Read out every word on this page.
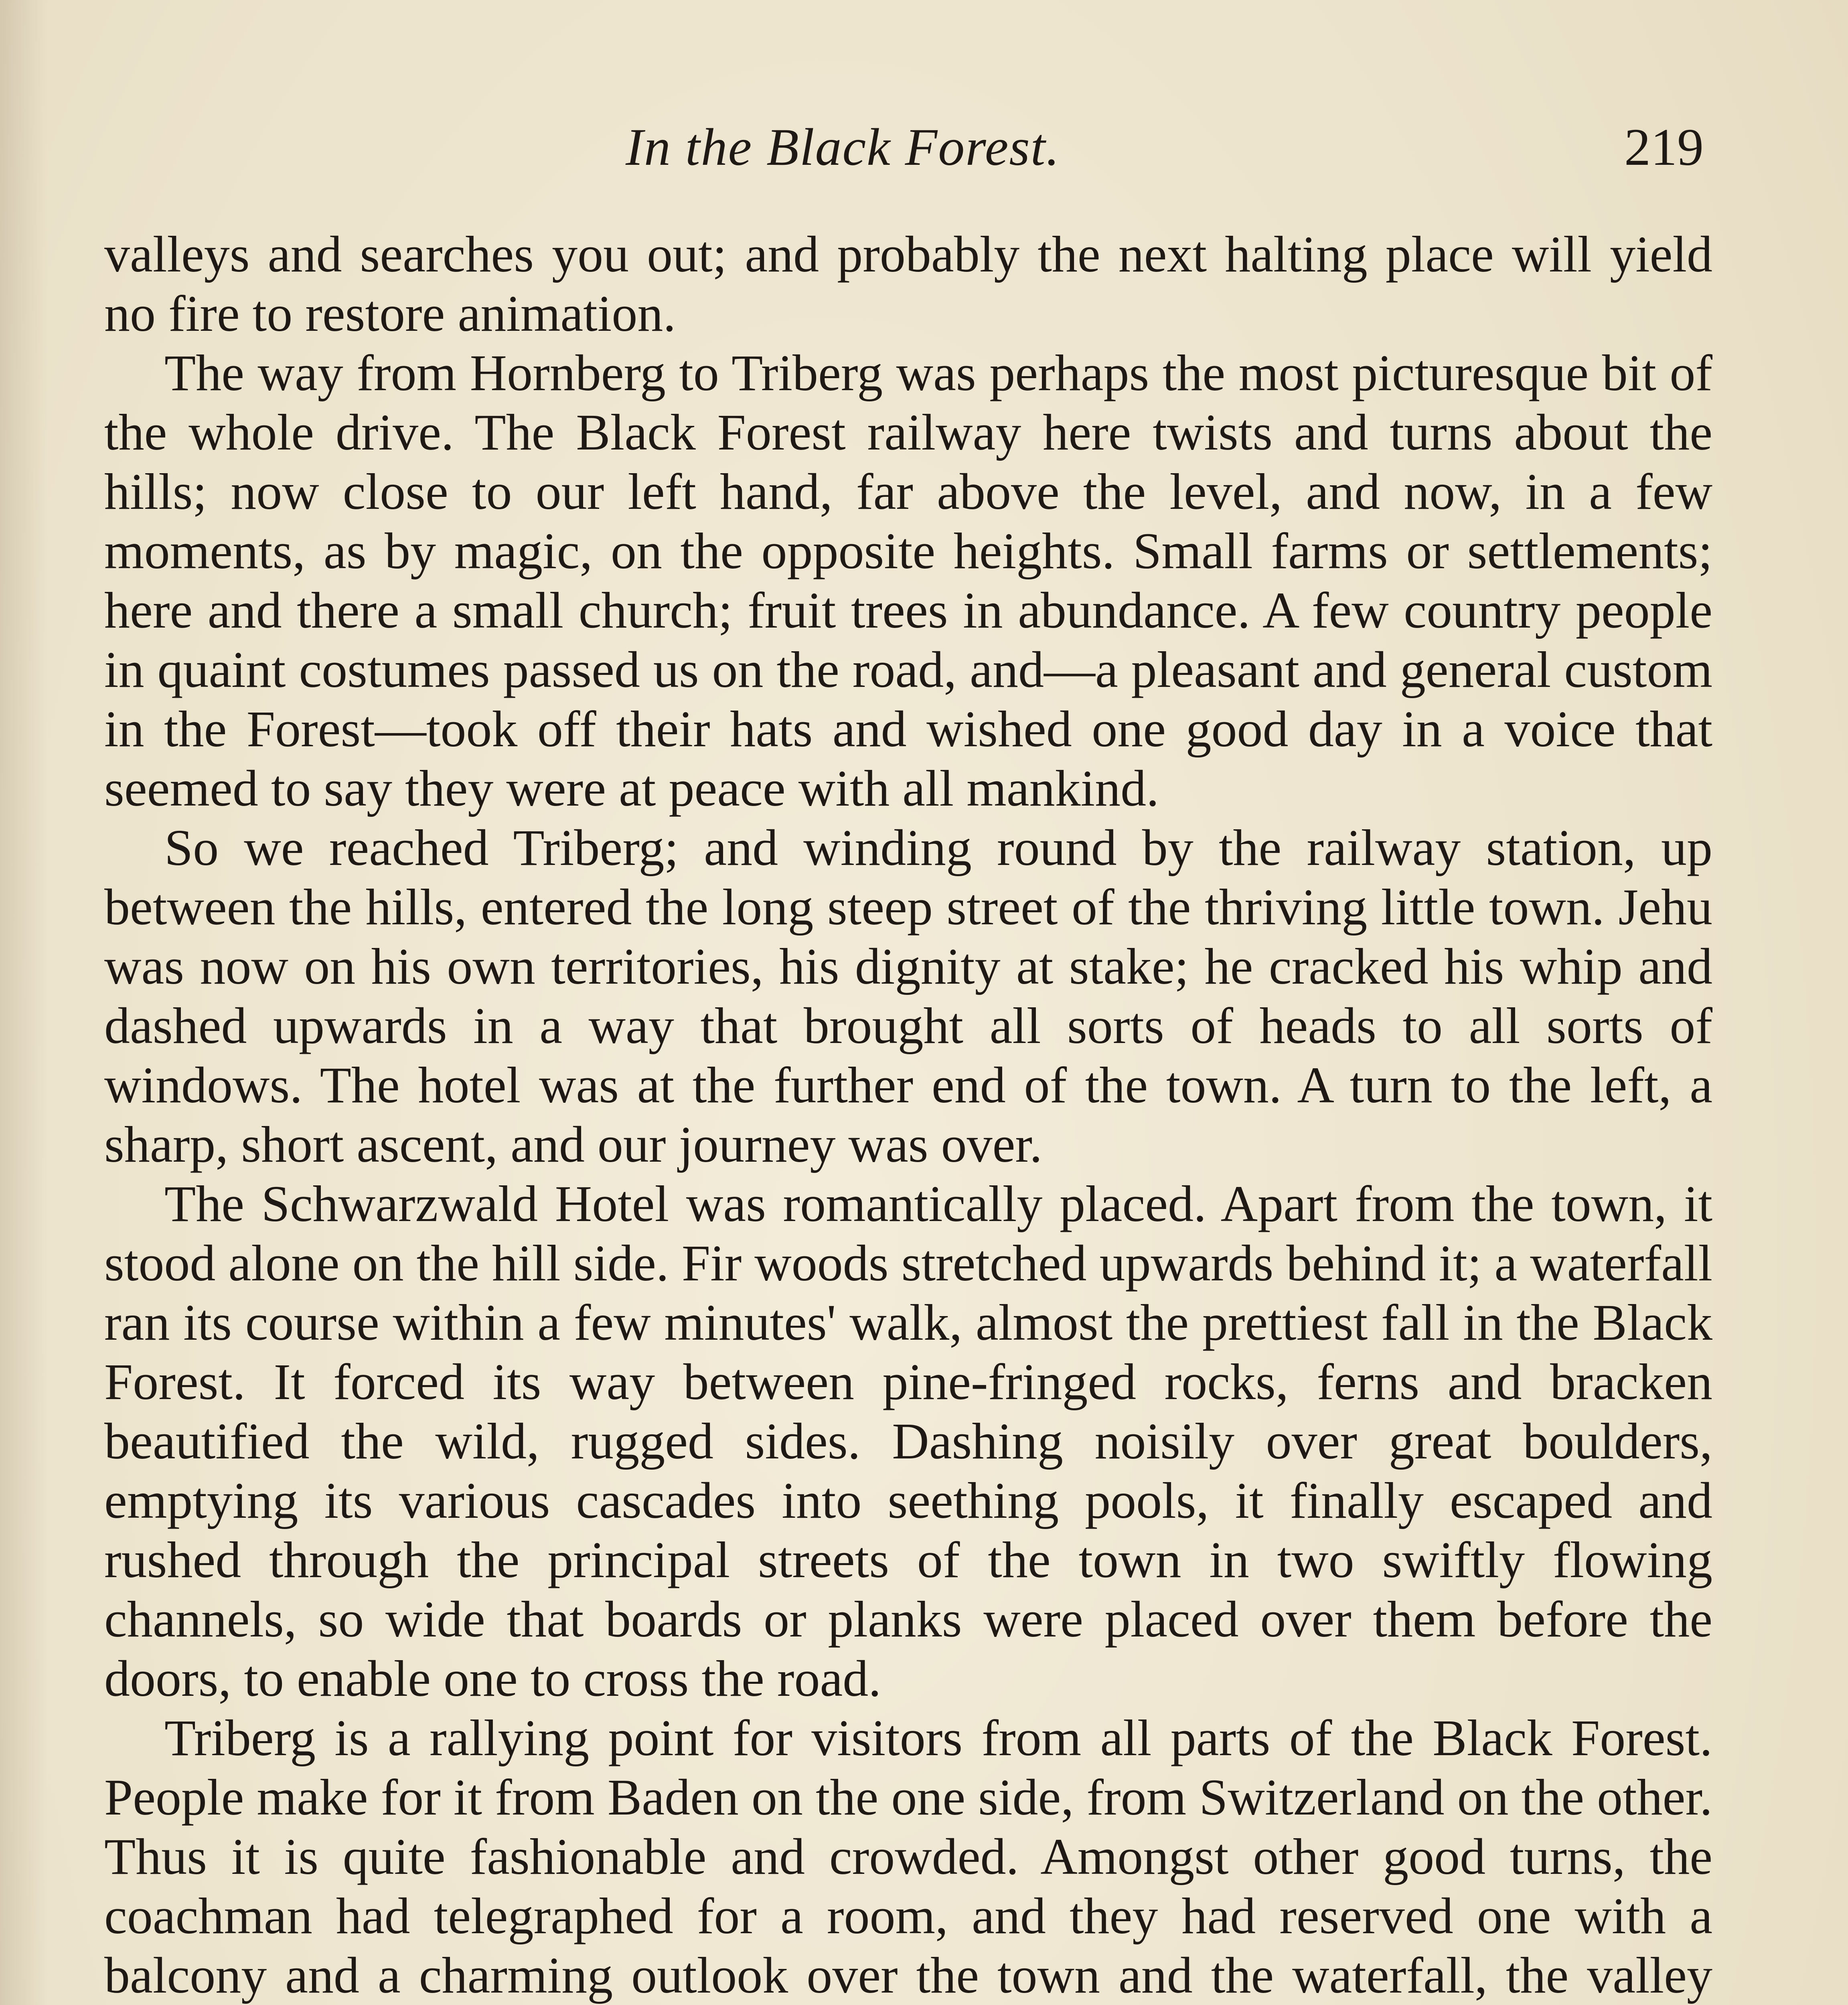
In the Black Forest.	219

valleys and searches you out; and probably the next halting place will yield no fire to restore animation.

The way from Hornberg to Triberg was perhaps the most picturesque bit of the whole drive. The Black Forest railway here twists and turns about the hills; now close to our left hand, far above the level, and now, in a few moments, as by magic, on the opposite heights. Small farms or settlements; here and there a small church; fruit trees in abundance. A few country people in quaint costumes passed us on the road, and—a pleasant and general custom in the Forest—took off their hats and wished one good day in a voice that seemed to say they were at peace with all mankind.

So we reached Triberg; and winding round by the railway station, up between the hills, entered the long steep street of the thriving little town. Jehu was now on his own territories, his dignity at stake; he cracked his whip and dashed upwards in a way that brought all sorts of heads to all sorts of windows. The hotel was at the further end of the town. A turn to the left, a sharp, short ascent, and our journey was over.

The Schwarzwald Hotel was romantically placed. Apart from the town, it stood alone on the hill side. Fir woods stretched upwards behind it; a waterfall ran its course within a few minutes' walk, almost the prettiest fall in the Black Forest. It forced its way between pine-fringed rocks, ferns and bracken beautified the wild, rugged sides. Dashing noisily over great boulders, emptying its various cascades into seething pools, it finally escaped and rushed through the principal streets of the town in two swiftly flowing channels, so wide that boards or planks were placed over them before the doors, to enable one to cross the road.

Triberg is a rallying point for visitors from all parts of the Black Forest. People make for it from Baden on the one side, from Switzerland on the other. Thus it is quite fashionable and crowded. Amongst other good turns, the coachman had telegraphed for a room, and they had reserved one with a balcony and a charming outlook over the town and the waterfall, the valley
